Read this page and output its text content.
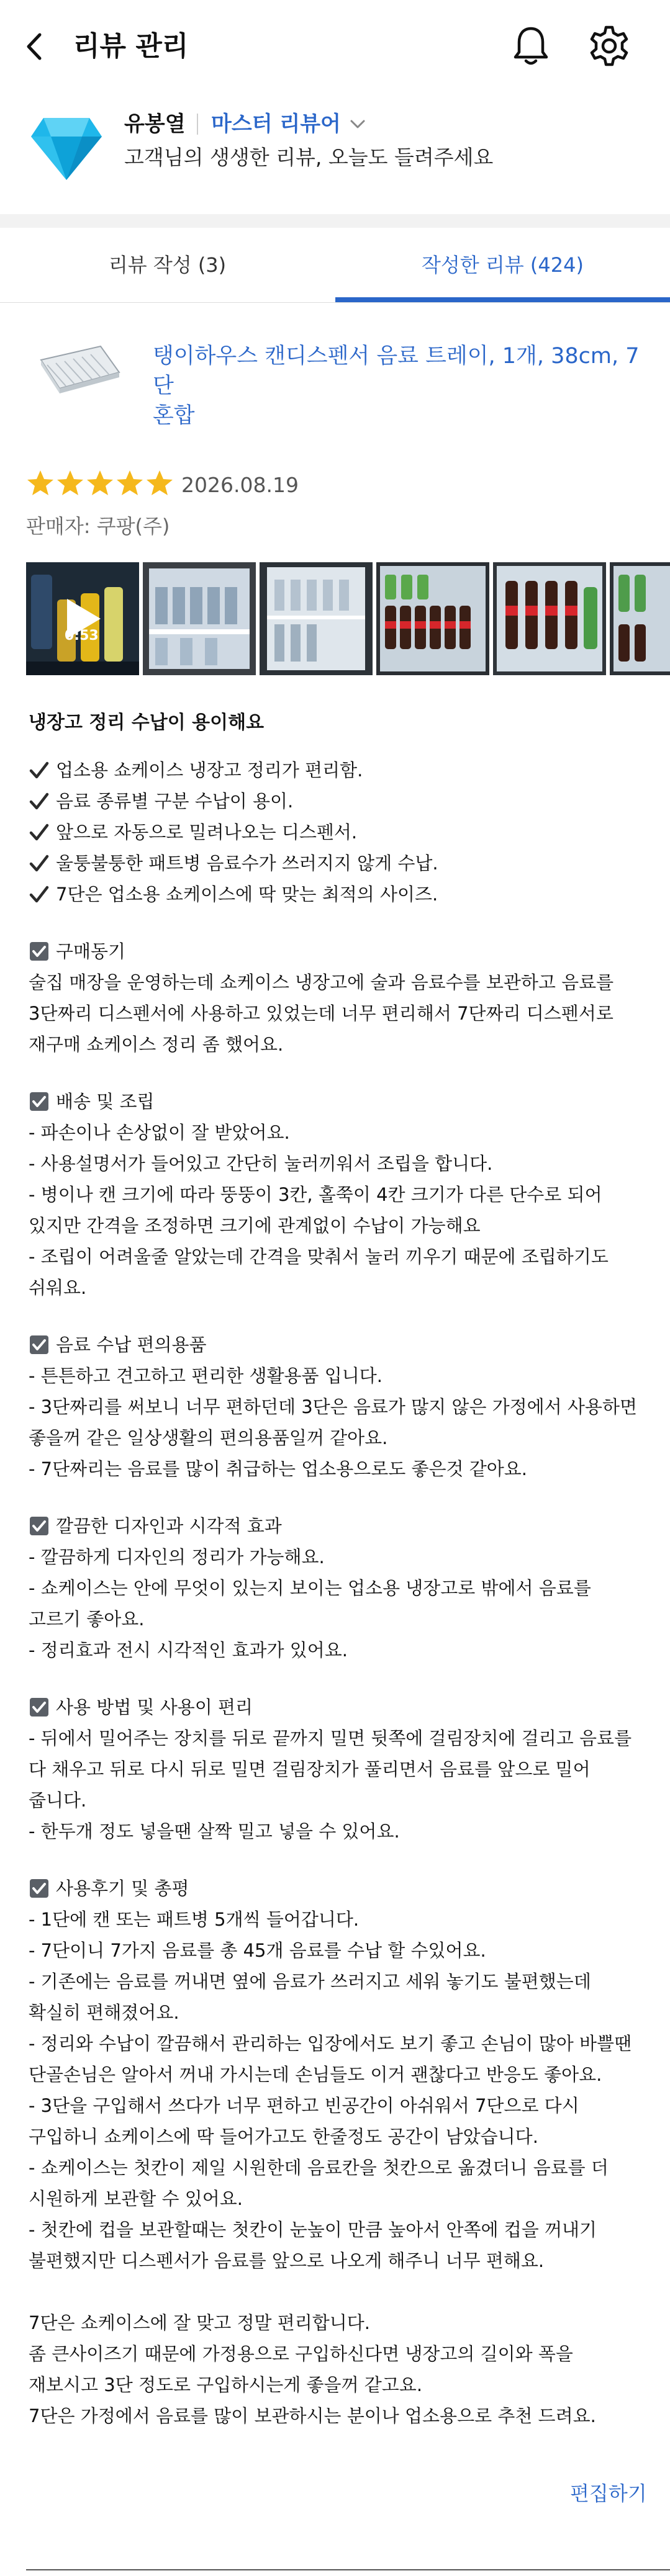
리뷰 관리
유봉열 마스터 리뷰어
고객님의 생생한 리뷰, 오늘도 들려주세요
리뷰 작성 (3)	작성한 리뷰 (424)
탱이하우스 캔디스펜서 음료 트레이, 1개, 38cm, 7단
혼합
2026.08.19
판매자: 쿠팡(주)
0:53
냉장고 정리 수납이 용이해요
업소용 쇼케이스 냉장고 정리가 편리함.
음료 종류별 구분 수납이 용이.
앞으로 자동으로 밀려나오는 디스펜서.
울퉁불퉁한 패트병 음료수가 쓰러지지 않게 수납.
7단은 업소용 쇼케이스에 딱 맞는 최적의 사이즈.
구매동기
술집 매장을 운영하는데 쇼케이스 냉장고에 술과 음료수를 보관하고 음료를
3단짜리 디스펜서에 사용하고 있었는데 너무 편리해서 7단짜리 디스펜서로
재구매 쇼케이스 정리 좀 했어요.
배송 및 조립
- 파손이나 손상없이 잘 받았어요.
- 사용설명서가 들어있고 간단히 눌러끼워서 조립을 합니다.
- 병이나 캔 크기에 따라 뚱뚱이 3칸, 홀쭉이 4칸 크기가 다른 단수로 되어
있지만 간격을 조정하면 크기에 관계없이 수납이 가능해요
- 조립이 어려울줄 알았는데 간격을 맞춰서 눌러 끼우기 때문에 조립하기도
쉬워요.
음료 수납 편의용품
- 튼튼하고 견고하고 편리한 생활용품 입니다.
- 3단짜리를 써보니 너무 편하던데 3단은 음료가 많지 않은 가정에서 사용하면
좋을꺼 같은 일상생활의 편의용품일꺼 같아요.
- 7단짜리는 음료를 많이 취급하는 업소용으로도 좋은것 같아요.
깔끔한 디자인과 시각적 효과
- 깔끔하게 디자인의 정리가 가능해요.
- 쇼케이스는 안에 무엇이 있는지 보이는 업소용 냉장고로 밖에서 음료를
고르기 좋아요.
- 정리효과 전시 시각적인 효과가 있어요.
사용 방법 및 사용이 편리
- 뒤에서 밀어주는 장치를 뒤로 끝까지 밀면 뒷쪽에 걸림장치에 걸리고 음료를
다 채우고 뒤로 다시 뒤로 밀면 걸림장치가 풀리면서 음료를 앞으로 밀어
줍니다.
- 한두개 정도 넣을땐 살짝 밀고 넣을 수 있어요.
사용후기 및 총평
- 1단에 캔 또는 패트병 5개씩 들어갑니다.
- 7단이니 7가지 음료를 총 45개 음료를 수납 할 수있어요.
- 기존에는 음료를 꺼내면 옆에 음료가 쓰러지고 세워 놓기도 불편했는데
확실히 편해졌어요.
- 정리와 수납이 깔끔해서 관리하는 입장에서도 보기 좋고 손님이 많아 바쁠땐
단골손님은 알아서 꺼내 가시는데 손님들도 이거 괜찮다고 반응도 좋아요.
- 3단을 구입해서 쓰다가 너무 편하고 빈공간이 아쉬워서 7단으로 다시
구입하니 쇼케이스에 딱 들어가고도 한줄정도 공간이 남았습니다.
- 쇼케이스는 첫칸이 제일 시원한데 음료칸을 첫칸으로 옮겼더니 음료를 더
시원하게 보관할 수 있어요.
- 첫칸에 컵을 보관할때는 첫칸이 눈높이 만큼 높아서 안쪽에 컵을 꺼내기
불편했지만 디스펜서가 음료를 앞으로 나오게 해주니 너무 편해요.
7단은 쇼케이스에 잘 맞고 정말 편리합니다.
좀 큰사이즈기 때문에 가정용으로 구입하신다면 냉장고의 길이와 폭을
재보시고 3단 정도로 구입하시는게 좋을꺼 같고요.
7단은 가정에서 음료를 많이 보관하시는 분이나 업소용으로 추천 드려요.
편집하기
